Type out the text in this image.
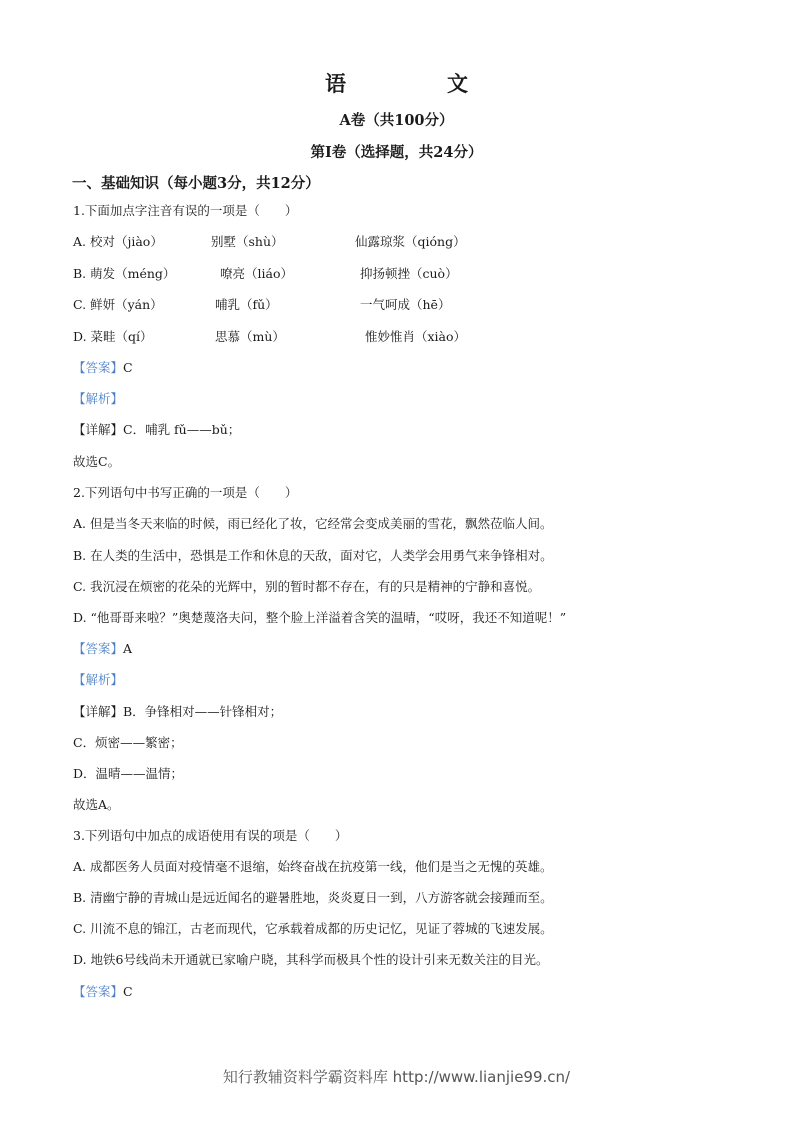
语　文
A卷（共100分）
第Ⅰ卷（选择题，共24分）
一、基础知识（每小题3分，共12分）
1.下面加点字注音有误的一项是（　　）
A. 校对（jiào）	别墅（shù）	仙露琼浆（qióng）
B. 萌发（méng）	嘹亮（liáo）	抑扬顿挫（cuò）
C. 鲜妍（yán）	哺乳（fǔ）	一气呵成（hē）
D. 菜畦（qí）	思慕（mù）	惟妙惟肖（xiào）
【答案】C
【解析】
【详解】C．哺乳 fǔ——bǔ；
故选C。
2.下列语句中书写正确的一项是（　　）
A. 但是当冬天来临的时候，雨已经化了妆，它经常会变成美丽的雪花，飘然莅临人间。
B. 在人类的生活中，恐惧是工作和休息的天敌，面对它，人类学会用勇气来争锋相对。
C. 我沉浸在烦密的花朵的光辉中，别的暂时都不存在，有的只是精神的宁静和喜悦。
D. “他哥哥来啦？”奥楚蔑洛夫问，整个脸上洋溢着含笑的温晴，“哎呀，我还不知道呢！”
【答案】A
【解析】
【详解】B．争锋相对——针锋相对；
C．烦密——繁密；
D．温晴——温情；
故选A。
3.下列语句中加点的成语使用有误的项是（　　）
A. 成都医务人员面对疫情毫不退缩，始终奋战在抗疫第一线，他们是当之无愧的英雄。
B. 清幽宁静的青城山是远近闻名的避暑胜地，炎炎夏日一到，八方游客就会接踵而至。
C. 川流不息的锦江，古老而现代，它承载着成都的历史记忆，见证了蓉城的飞速发展。
D. 地铁6号线尚未开通就已家喻户晓，其科学而极具个性的设计引来无数关注的目光。
【答案】C
知行教辅资料学霸资料库 http://www.lianjie99.cn/
